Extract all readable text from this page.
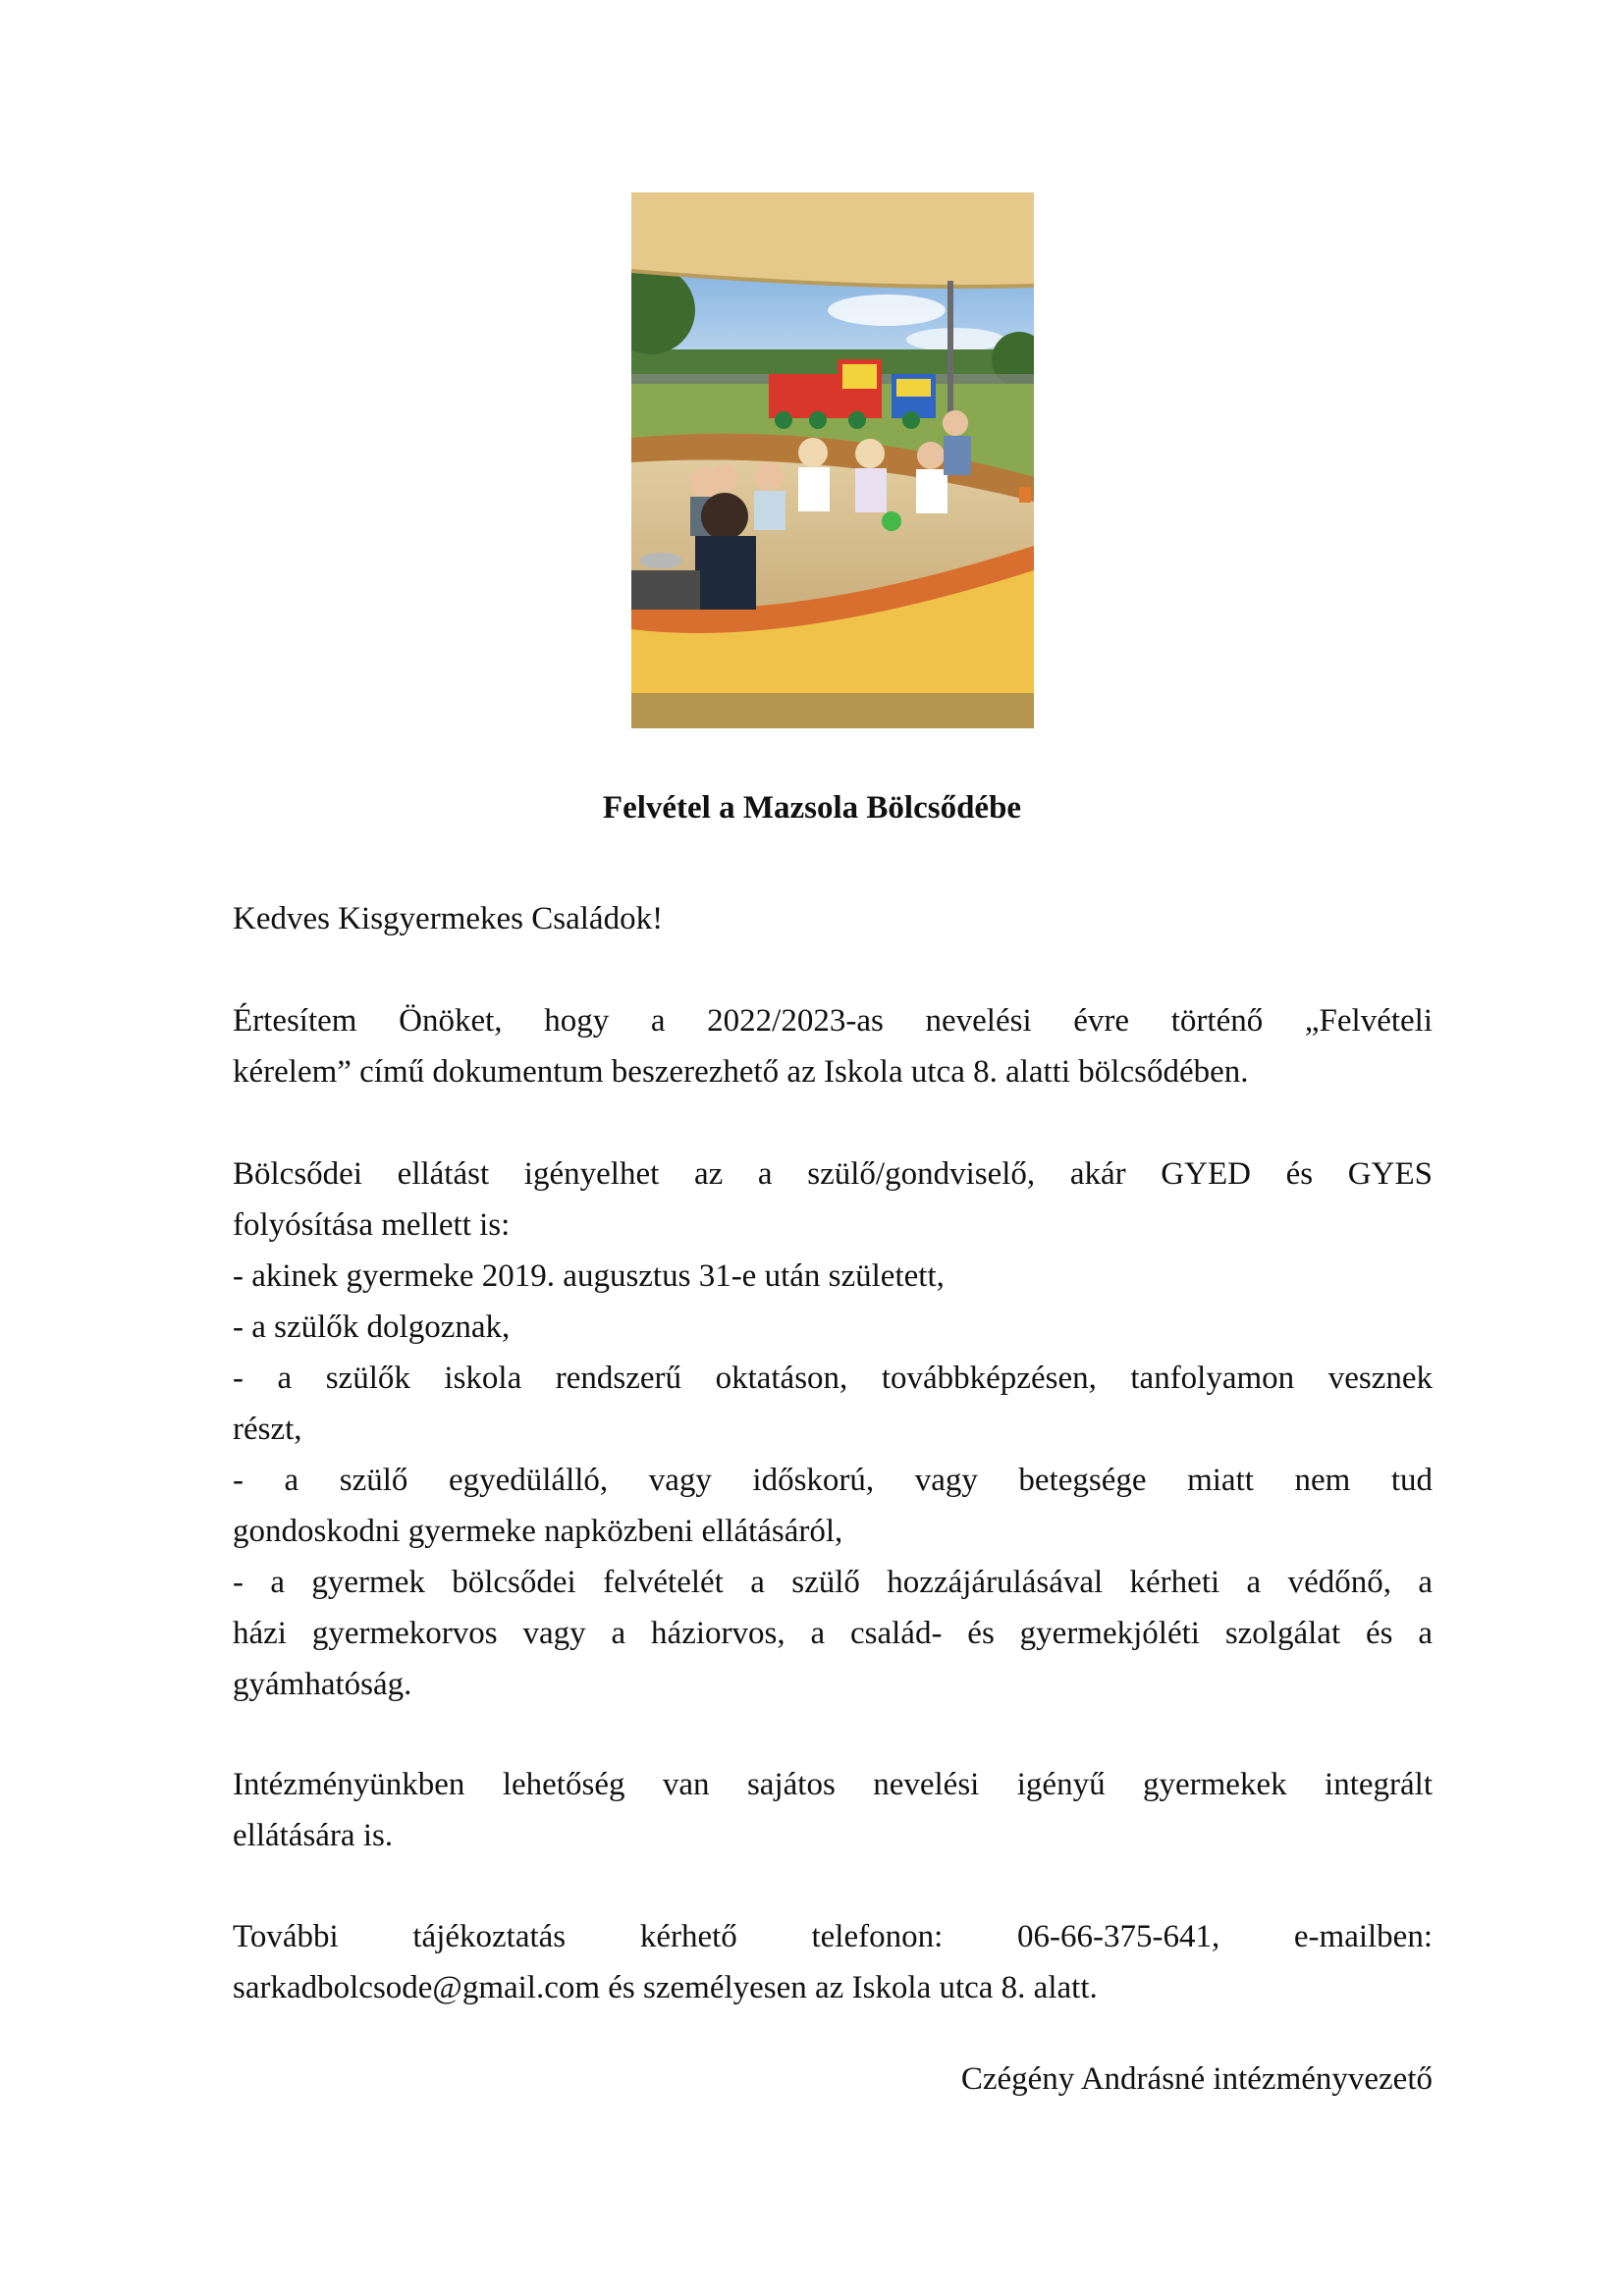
Felvétel a Mazsola Bölcsődébe

Kedves Kisgyermekes Családok!

Értesítem Önöket, hogy a 2022/2023-as nevelési évre történő „Felvételi
kérelem” című dokumentum beszerezhető az Iskola utca 8. alatti bölcsődében.

Bölcsődei ellátást igényelhet az a szülő/gondviselő, akár GYED és GYES
folyósítása mellett is:
- akinek gyermeke 2019. augusztus 31-e után született,
- a szülők dolgoznak,
- a szülők iskola rendszerű oktatáson, továbbképzésen, tanfolyamon vesznek
részt,
- a szülő egyedülálló, vagy időskorú, vagy betegsége miatt nem tud
gondoskodni gyermeke napközbeni ellátásáról,
- a gyermek bölcsődei felvételét a szülő hozzájárulásával kérheti a védőnő, a
házi gyermekorvos vagy a háziorvos, a család- és gyermekjóléti szolgálat és a
gyámhatóság.

Intézményünkben lehetőség van sajátos nevelési igényű gyermekek integrált
ellátására is.

További tájékoztatás kérhető telefonon: 06-66-375-641, e-mailben:
sarkadbolcsode@gmail.com és személyesen az Iskola utca 8. alatt.

Czégény Andrásné intézményvezető
